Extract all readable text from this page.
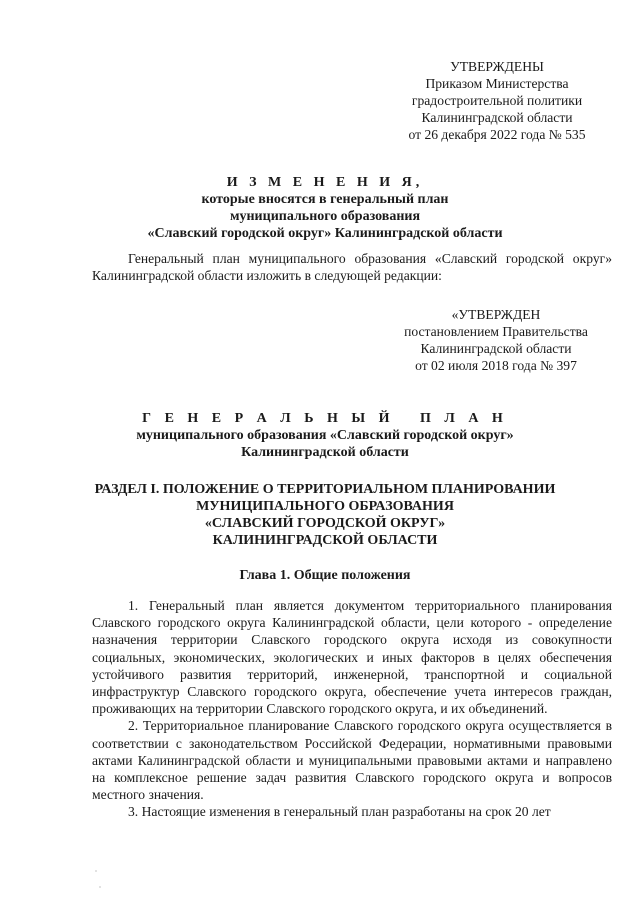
УТВЕРЖДЕНЫ
Приказом Министерства
градостроительной политики
Калининградской области
от 26 декабря 2022 года № 535
И З М Е Н Е Н И Я,
которые вносятся в генеральный план
муниципального образования
«Славский городской округ» Калининградской области
Генеральный план муниципального образования «Славский городской округ» Калининградской области изложить в следующей редакции:
«УТВЕРЖДЕН
постановлением Правительства
Калининградской области
от 02 июля 2018 года № 397
Г Е Н Е Р А Л Ь Н Ы Й   П Л А Н
муниципального образования «Славский городской округ»
Калининградской области
РАЗДЕЛ I. ПОЛОЖЕНИЕ О ТЕРРИТОРИАЛЬНОМ ПЛАНИРОВАНИИ
МУНИЦИПАЛЬНОГО ОБРАЗОВАНИЯ
«СЛАВСКИЙ ГОРОДСКОЙ ОКРУГ»
КАЛИНИНГРАДСКОЙ ОБЛАСТИ
Глава 1. Общие положения

1. Генеральный план является документом территориального планирования Славского городского округа Калининградской области, цели которого - определение назначения территории Славского городского округа исходя из совокупности социальных, экономических, экологических и иных факторов в целях обеспечения устойчивого развития территорий, инженерной, транспортной и социальной инфраструктур Славского городского округа, обеспечение учета интересов граждан, проживающих на территории Славского городского округа, и их объединений.

2. Территориальное планирование Славского городского округа осуществляется в соответствии с законодательством Российской Федерации, нормативными правовыми актами Калининградской области и муниципальными правовыми актами и направлено на комплексное решение задач развития Славского городского округа и вопросов местного значения.

3. Настоящие изменения в генеральный план разработаны на срок 20 лет
